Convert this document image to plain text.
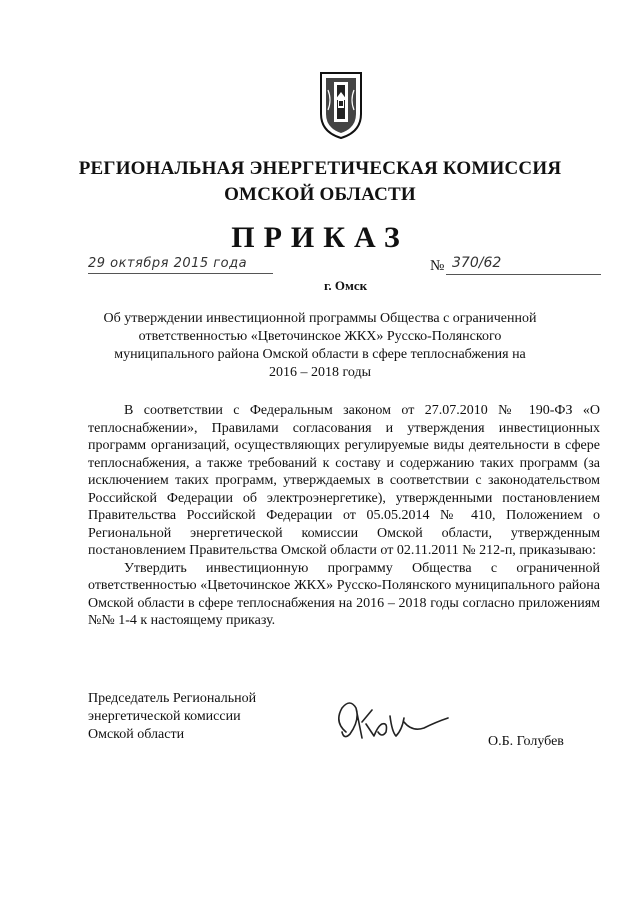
РЕГИОНАЛЬНАЯ ЭНЕРГЕТИЧЕСКАЯ КОМИССИЯ
ОМСКОЙ ОБЛАСТИ
ПРИКАЗ
29 октября 2015 года
г. Омск
№ 370/62
Об утверждении инвестиционной программы Общества с ограниченной ответственностью «Цветочинское ЖКХ» Русско-Полянского муниципального района Омской области в сфере теплоснабжения на 2016 – 2018 годы

В соответствии с Федеральным законом от 27.07.2010 № 190-ФЗ «О теплоснабжении», Правилами согласования и утверждения инвестиционных программ организаций, осуществляющих регулируемые виды деятельности в сфере теплоснабжения, а также требований к составу и содержанию таких программ (за исключением таких программ, утверждаемых в соответствии с законодательством Российской Федерации об электроэнергетике), утвержденными постановлением Правительства Российской Федерации от 05.05.2014 № 410, Положением о Региональной энергетической комиссии Омской области, утвержденным постановлением Правительства Омской области от 02.11.2011 № 212-п, приказываю:

Утвердить инвестиционную программу Общества с ограниченной ответственностью «Цветочинское ЖКХ» Русско-Полянского муниципального района Омской области в сфере теплоснабжения на 2016 – 2018 годы согласно приложениям №№ 1-4 к настоящему приказу.

Председатель Региональной
энергетической комиссии
Омской области	О.Б. Голубев
